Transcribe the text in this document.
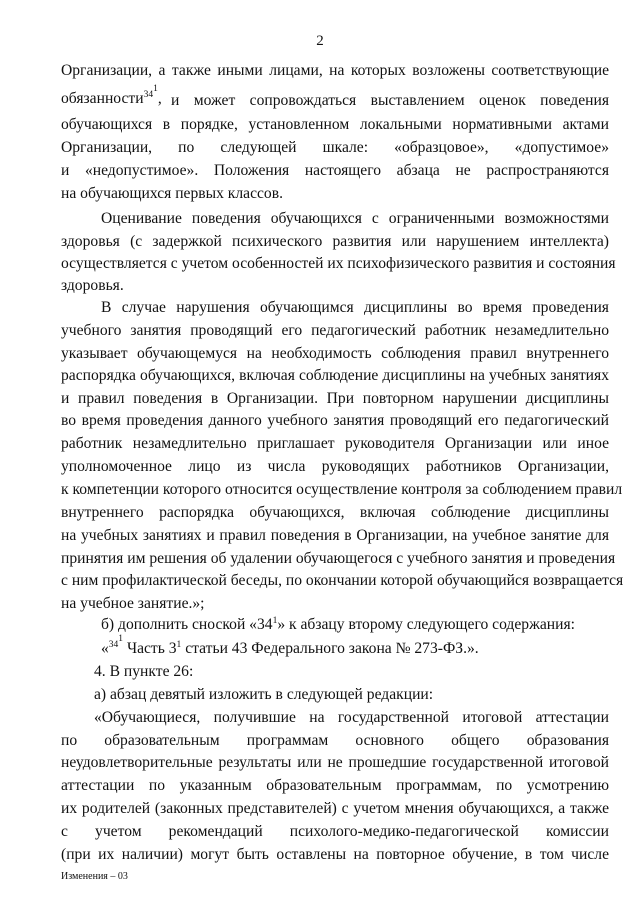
2
Организации, а также иными лицами, на которых возложены соответствующие
обязанности$^{34^1}$, и может сопровождаться выставлением оценок поведения
обучающихся в порядке, установленном локальными нормативными актами
Организации, по следующей шкале: «образцовое», «допустимое»
и «недопустимое». Положения настоящего абзаца не распространяются
на обучающихся первых классов.
Оценивание поведения обучающихся с ограниченными возможностями
здоровья (с задержкой психического развития или нарушением интеллекта)
осуществляется с учетом особенностей их психофизического развития и состояния
здоровья.
В случае нарушения обучающимся дисциплины во время проведения
учебного занятия проводящий его педагогический работник незамедлительно
указывает обучающемуся на необходимость соблюдения правил внутреннего
распорядка обучающихся, включая соблюдение дисциплины на учебных занятиях
и правил поведения в Организации. При повторном нарушении дисциплины
во время проведения данного учебного занятия проводящий его педагогический
работник незамедлительно приглашает руководителя Организации или иное
уполномоченное лицо из числа руководящих работников Организации,
к компетенции которого относится осуществление контроля за соблюдением правил
внутреннего распорядка обучающихся, включая соблюдение дисциплины
на учебных занятиях и правил поведения в Организации, на учебное занятие для
принятия им решения об удалении обучающегося с учебного занятия и проведения
с ним профилактической беседы, по окончании которой обучающийся возвращается
на учебное занятие.»;
б) дополнить сноской «$34^1$» к абзацу второму следующего содержания:
«$^{34^1}$ Часть $3^1$ статьи 43 Федерального закона № 273-ФЗ.».
4. В пункте 26:
а) абзац девятый изложить в следующей редакции:
«Обучающиеся, получившие на государственной итоговой аттестации
по образовательным программам основного общего образования
неудовлетворительные результаты или не прошедшие государственной итоговой
аттестации по указанным образовательным программам, по усмотрению
их родителей (законных представителей) с учетом мнения обучающихся, а также
с учетом рекомендаций психолого-медико-педагогической комиссии
(при их наличии) могут быть оставлены на повторное обучение, в том числе
Изменения – 03
